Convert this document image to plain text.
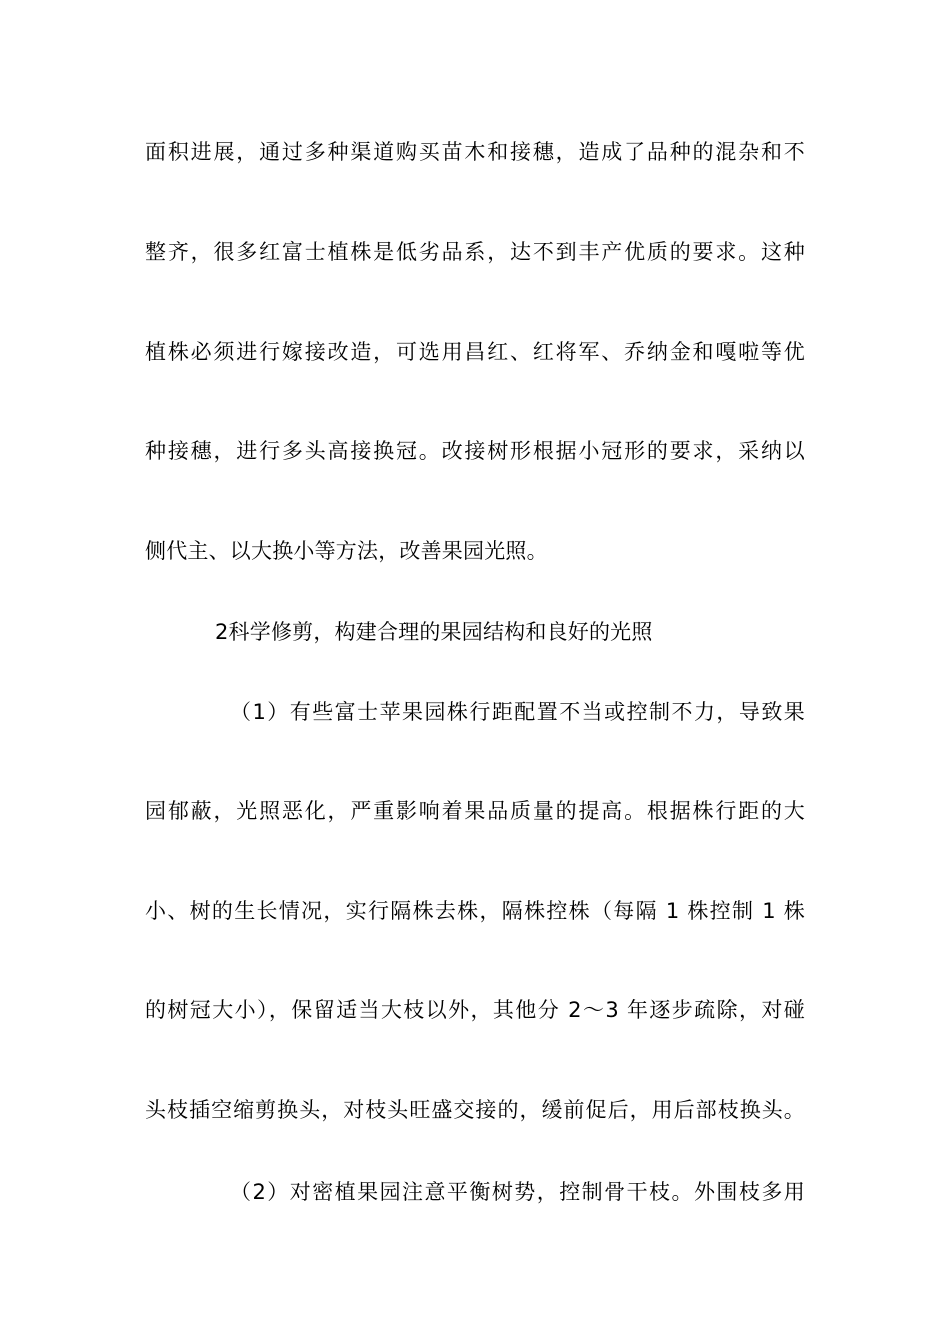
面积进展，通过多种渠道购买苗木和接穗，造成了品种的混杂和不
整齐，很多红富士植株是低劣品系，达不到丰产优质的要求。这种
植株必须进行嫁接改造，可选用昌红、红将军、乔纳金和嘎啦等优
种接穗，进行多头高接换冠。改接树形根据小冠形的要求，采纳以
侧代主、以大换小等方法，改善果园光照。
2科学修剪，构建合理的果园结构和良好的光照
（1）有些富士苹果园株行距配置不当或控制不力，导致果
园郁蔽，光照恶化，严重影响着果品质量的提高。根据株行距的大
小、树的生长情况，实行隔株去株，隔株控株（每隔 1 株控制 1 株
的树冠大小），保留适当大枝以外，其他分 2～3 年逐步疏除，对碰
头枝插空缩剪换头，对枝头旺盛交接的，缓前促后，用后部枝换头。
（2）对密植果园注意平衡树势，控制骨干枝。外围枝多用
